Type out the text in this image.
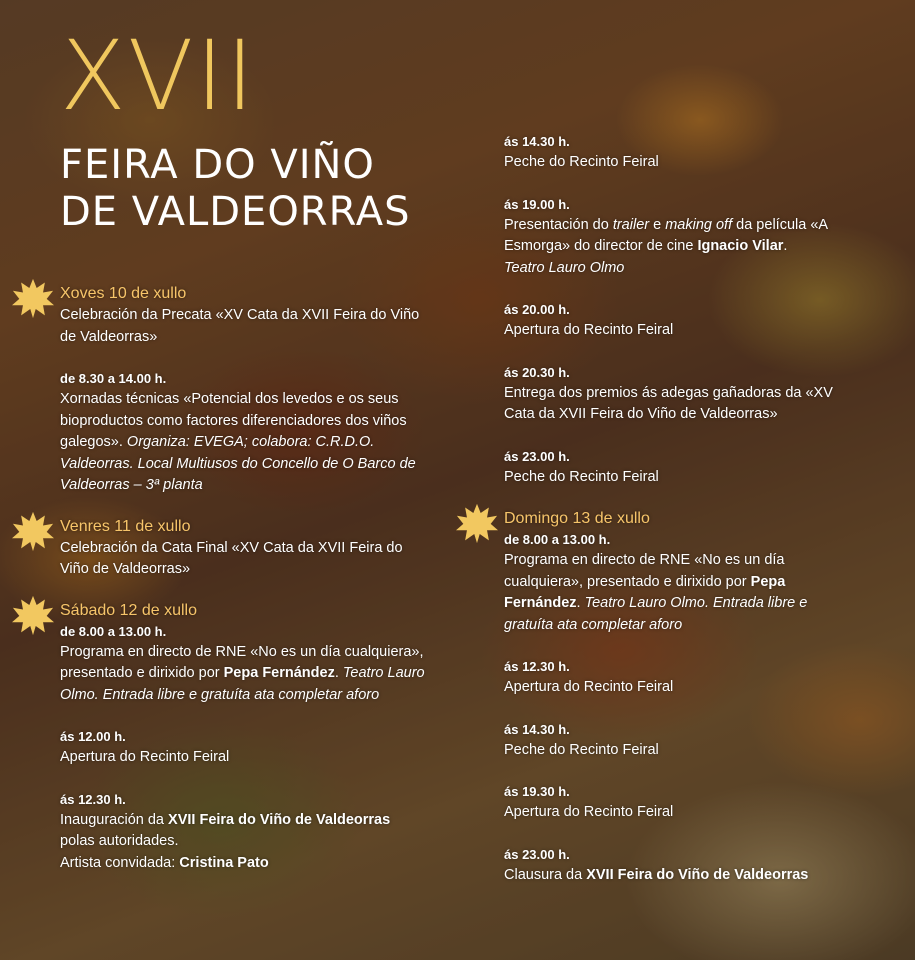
XVII
FEIRA DO VIÑO
DE VALDEORRAS
Xoves 10 de xullo

Celebración da Precata «XV Cata da XVII Feira do Viño de Valdeorras»

de 8.30 a 14.00 h.

Xornadas técnicas «Potencial dos levedos e os seus bioproductos como factores diferenciadores dos viños galegos». Organiza: EVEGA; colabora: C.R.D.O. Valdeorras. Local Multiusos do Concello de O Barco de Valdeorras – 3ª planta

Venres 11 de xullo

Celebración da Cata Final «XV Cata da XVII Feira do Viño de Valdeorras»

Sábado 12 de xullo

de 8.00 a 13.00 h.

Programa en directo de RNE «No es un día cualquiera», presentado e dirixido por Pepa Fernández. Teatro Lauro Olmo. Entrada libre e gratuíta ata completar aforo

ás 12.00 h.

Apertura do Recinto Feiral

ás 12.30 h.

Inauguración da XVII Feira do Viño de Valdeorras polas autoridades.
Artista convidada: Cristina Pato

ás 14.30 h.

Peche do Recinto Feiral

ás 19.00 h.

Presentación do trailer e making off da película «A Esmorga» do director de cine Ignacio Vilar.
Teatro Lauro Olmo

ás 20.00 h.

Apertura do Recinto Feiral

ás 20.30 h.

Entrega dos premios ás adegas gañadoras da «XV Cata da XVII Feira do Viño de Valdeorras»

ás 23.00 h.

Peche do Recinto Feiral

Domingo 13 de xullo

de 8.00 a 13.00 h.

Programa en directo de RNE «No es un día cualquiera», presentado e dirixido por Pepa Fernández. Teatro Lauro Olmo. Entrada libre e gratuíta ata completar aforo

ás 12.30 h.

Apertura do Recinto Feiral

ás 14.30 h.

Peche do Recinto Feiral

ás 19.30 h.

Apertura do Recinto Feiral

ás 23.00 h.

Clausura da XVII Feira do Viño de Valdeorras
